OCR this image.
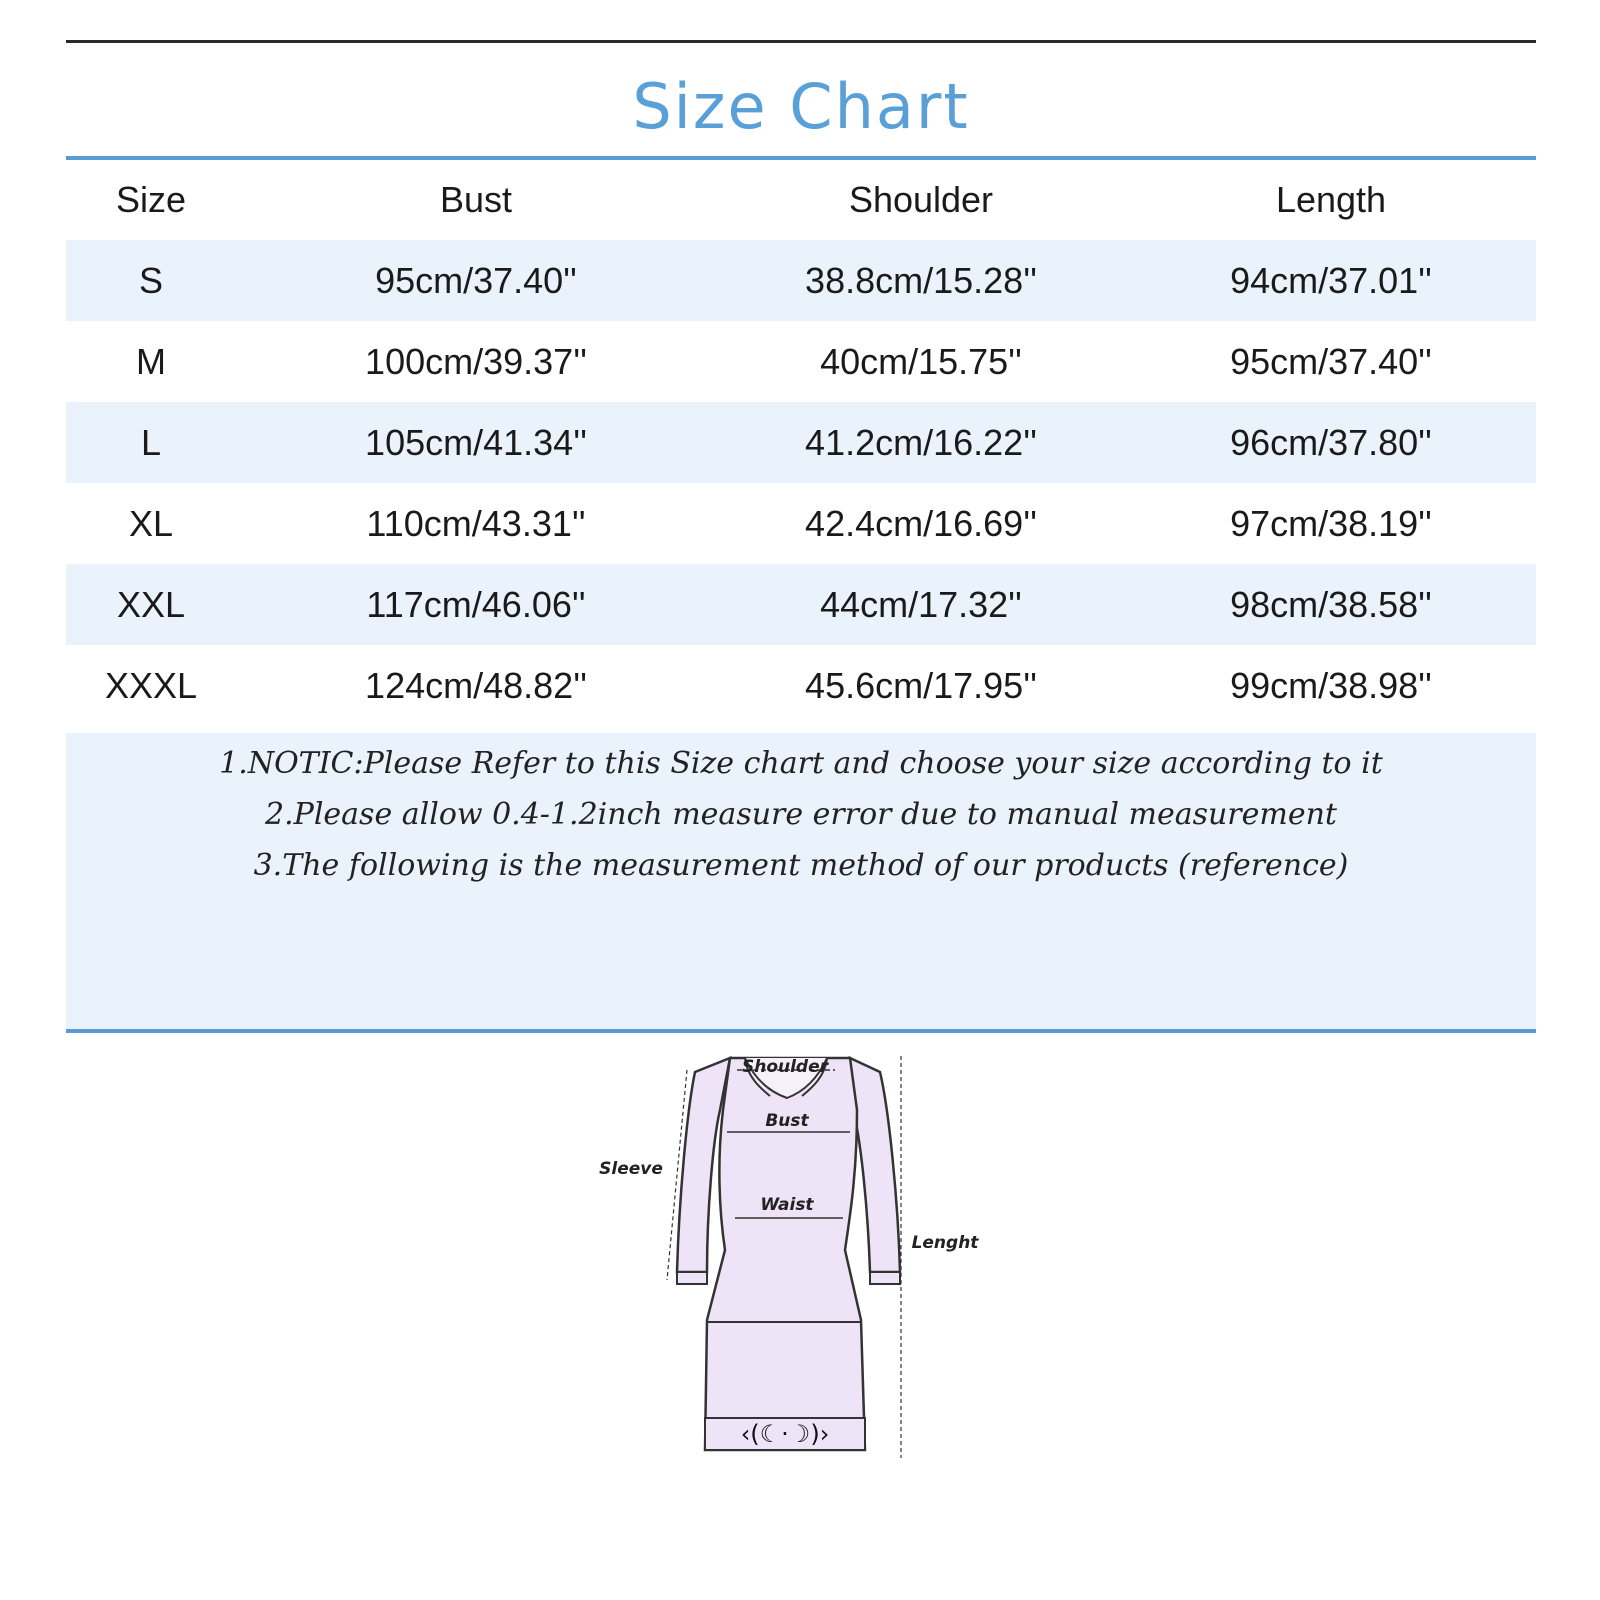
Size Chart
Size	Bust	Shoulder	Length
S	95cm/37.40''	38.8cm/15.28''	94cm/37.01''
M	100cm/39.37''	40cm/15.75''	95cm/37.40''
L	105cm/41.34''	41.2cm/16.22''	96cm/37.80''
XL	110cm/43.31''	42.4cm/16.69''	97cm/38.19''
XXL	117cm/46.06''	44cm/17.32''	98cm/38.58''
XXXL	124cm/48.82''	45.6cm/17.95''	99cm/38.98''
1.NOTIC:Please Refer to this Size chart and choose your size according to it
2.Please allow 0.4-1.2inch measure error due to manual measurement
3.The following is the measurement method of our products (reference)
‹(☾·☽)›
Shoulder
Bust
Waist
Sleeve
Lenght
